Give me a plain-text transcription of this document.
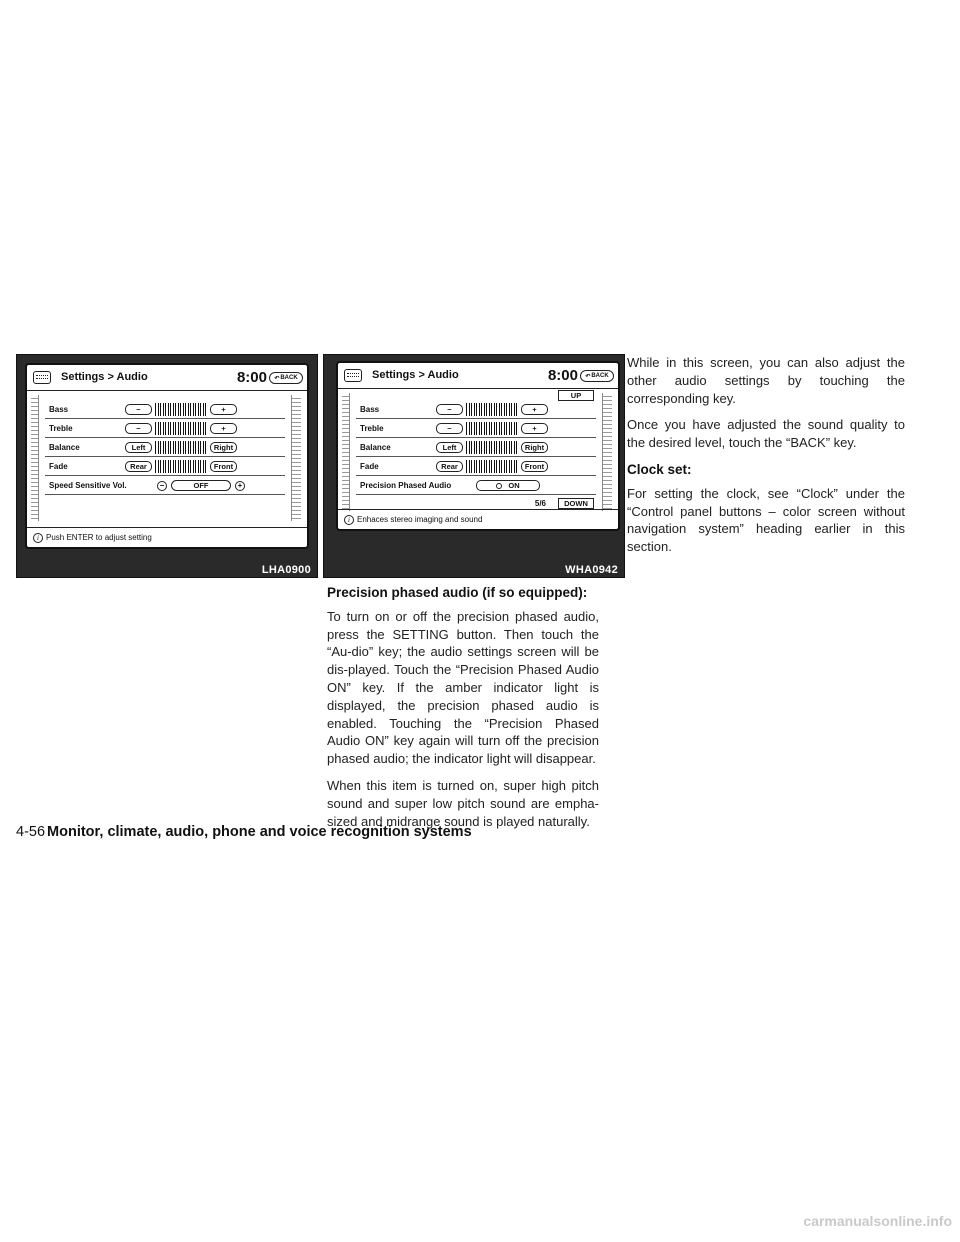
Settings > Audio	8:00 ↶ BACK
Bass	−	+
Treble	−	+
Balance	Left	Right
Fade	Rear	Front
Speed Sensitive Vol.	−	OFF	+
i Push ENTER to adjust setting
LHA0900
Settings > Audio	8:00 ↶ BACK
UP
Bass	−	+
Treble	−	+
Balance	Left	Right
Fade	Rear	Front
Precision Phased Audio	ON
5/6	DOWN
i Enhaces stereo imaging and sound
WHA0942
Precision phased audio (if so equipped):

To turn on or off the precision phased audio, press the SETTING button. Then touch the “Au-dio” key; the audio settings screen will be dis-played. Touch the “Precision Phased Audio ON” key. If the amber indicator light is displayed, the precision phased audio is enabled. Touching the “Precision Phased Audio ON” key again will turn off the precision phased audio; the indicator light will disappear.

When this item is turned on, super high pitch sound and super low pitch sound are empha-sized and midrange sound is played naturally.

While in this screen, you can also adjust the other audio settings by touching the corresponding key.

Once you have adjusted the sound quality to the desired level, touch the “BACK” key.

Clock set:

For setting the clock, see “Clock” under the “Control panel buttons – color screen without navigation system” heading earlier in this section.

4-56 Monitor, climate, audio, phone and voice recognition systems
carmanualsonline.info
